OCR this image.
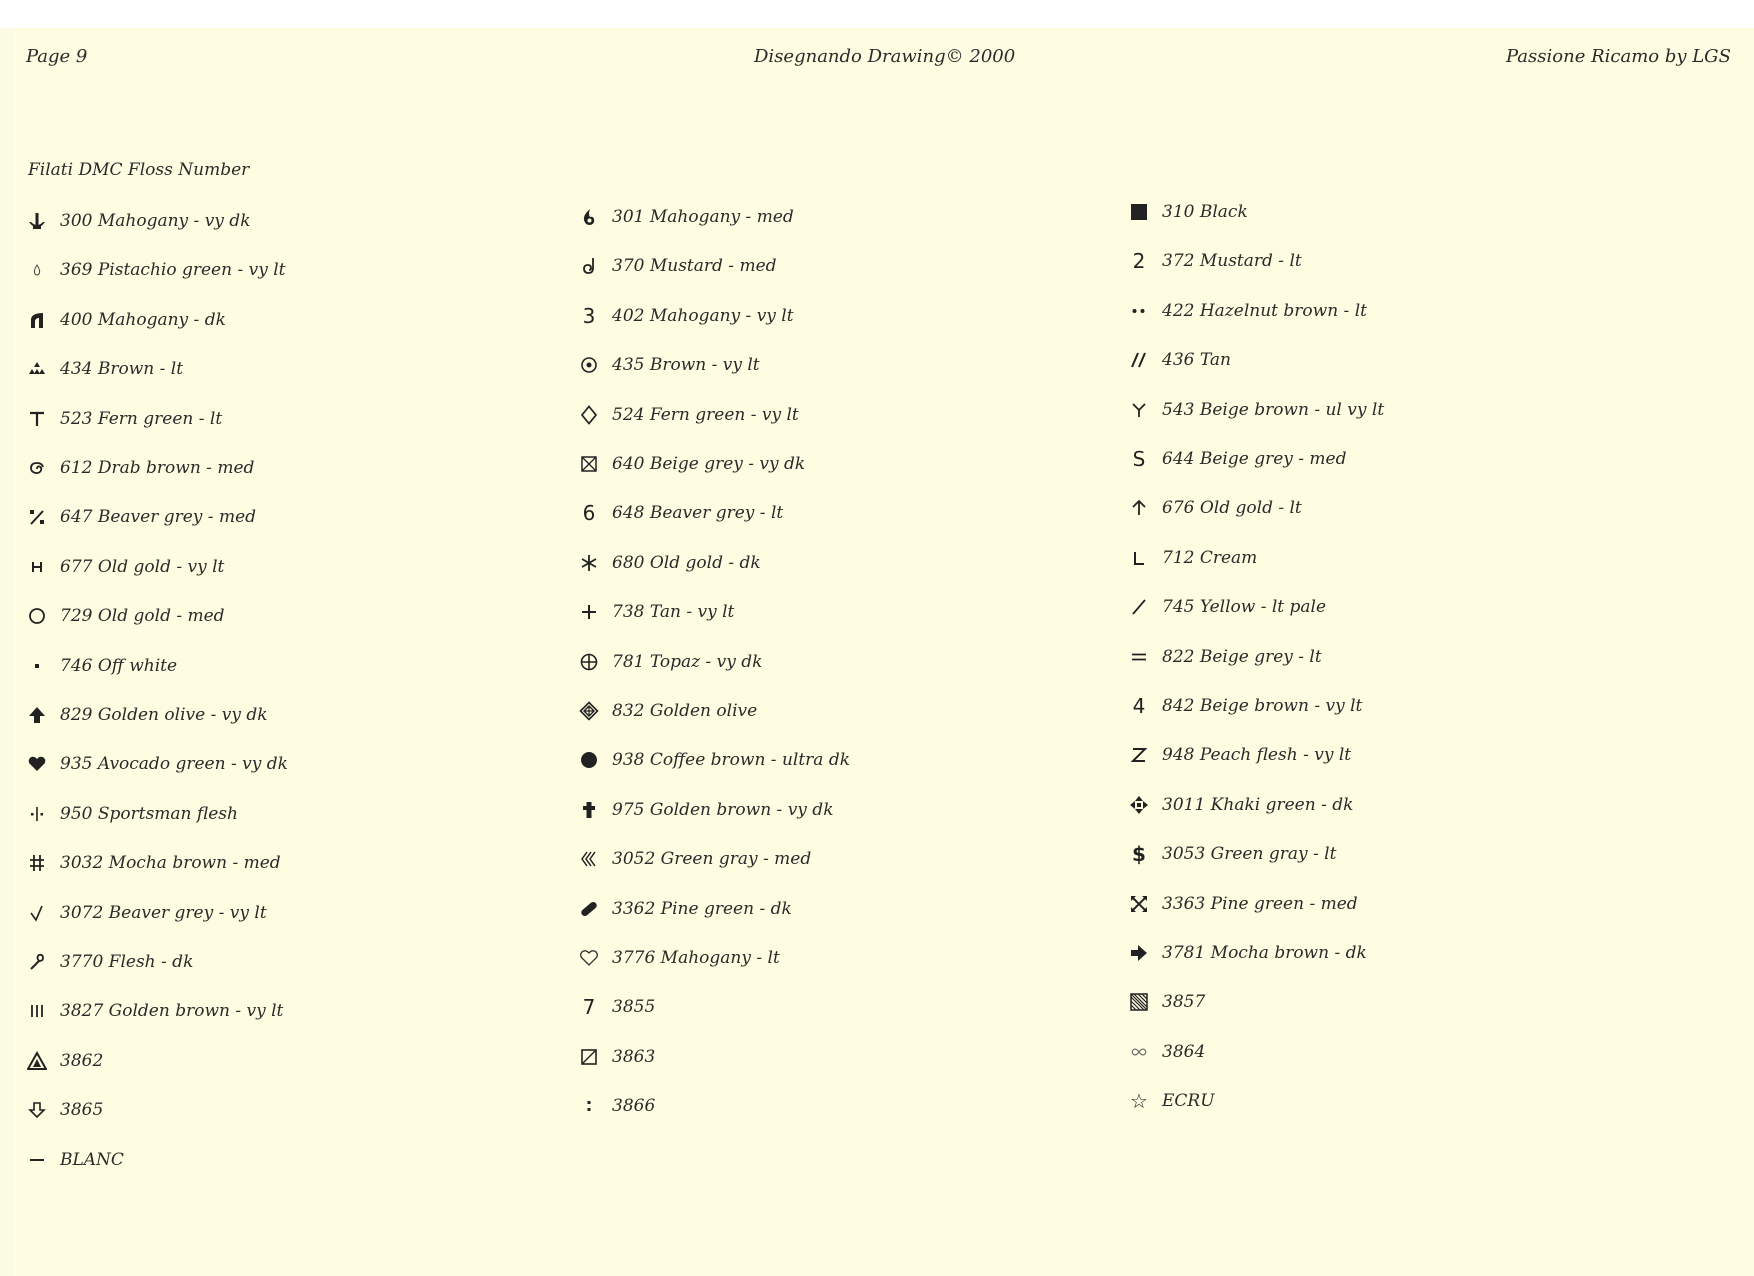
Page 9	Disegnando Drawing© 2000	Passione Ricamo by LGS
Filati DMC Floss Number
300 Mahogany - vy dk
369 Pistachio green - vy lt
400 Mahogany - dk
434 Brown - lt
523 Fern green - lt
612 Drab brown - med
647 Beaver grey - med
677 Old gold - vy lt
729 Old gold - med
746 Off white
829 Golden olive - vy dk
935 Avocado green - vy dk
950 Sportsman flesh
3032 Mocha brown - med
3072 Beaver grey - vy lt
3770 Flesh - dk
3827 Golden brown - vy lt
3862
3865
BLANC
301 Mahogany - med
370 Mustard - med
3 402 Mahogany - vy lt
435 Brown - vy lt
524 Fern green - vy lt
640 Beige grey - vy dk
6 648 Beaver grey - lt
680 Old gold - dk
738 Tan - vy lt
781 Topaz - vy dk
832 Golden olive
938 Coffee brown - ultra dk
975 Golden brown - vy dk
3052 Green gray - med
3362 Pine green - dk
3776 Mahogany - lt
7 3855
3863
3866
310 Black
2 372 Mustard - lt
422 Hazelnut brown - lt
436 Tan
543 Beige brown - ul vy lt
S 644 Beige grey - med
676 Old gold - lt
712 Cream
745 Yellow - lt pale
822 Beige grey - lt
4 842 Beige brown - vy lt
948 Peach flesh - vy lt
3011 Khaki green - dk
$ 3053 Green gray - lt
3363 Pine green - med
3781 Mocha brown - dk
3857
3864
☆ ECRU
